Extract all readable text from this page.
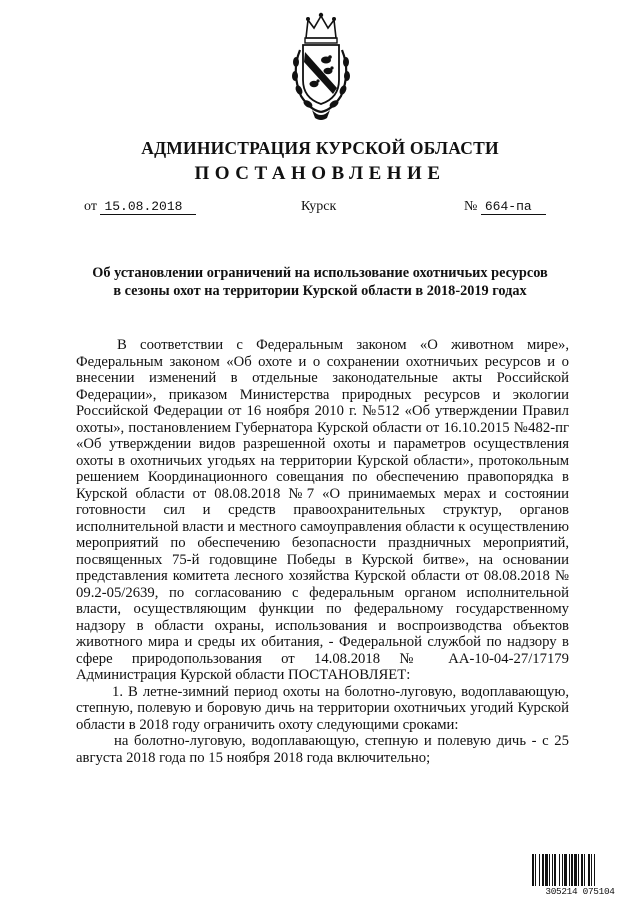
АДМИНИСТРАЦИЯ КУРСКОЙ ОБЛАСТИ
ПОСТАНОВЛЕНИЕ
от 15.08.2018	Курск	№ 664-па
Об установлении ограничений на использование охотничьих ресурсов
в сезоны охот на территории Курской области в 2018-2019 годах

В соответствии с Федеральным законом «О животном мире», Федеральным законом «Об охоте и о сохранении охотничьих ресурсов и о внесении изменений в отдельные законодательные акты Российской Федерации», приказом Министерства природных ресурсов и экологии Российской Федерации от 16 ноября 2010 г. №512 «Об утверждении Правил охоты», постановлением Губернатора Курской области от 16.10.2015 №482-пг «Об утверждении видов разрешенной охоты и параметров осуществления охоты в охотничьих угодьях на территории Курской области», протокольным решением Координационного совещания по обеспечению правопорядка в Курской области от 08.08.2018 №7 «О принимаемых мерах и состоянии готовности сил и средств правоохранительных структур, органов исполнительной власти и местного самоуправления области к осуществлению мероприятий по обеспечению безопасности праздничных мероприятий, посвященных 75-й годовщине Победы в Курской битве», на основании представления комитета лесного хозяйства Курской области от 08.08.2018 № 09.2-05/2639, по согласованию с федеральным органом исполнительной власти, осуществляющим функции по федеральному государственному надзору в области охраны, использования и воспроизводства объектов животного мира и среды их обитания, - Федеральной службой по надзору в сфере природопользования от 14.08.2018 № АА-10-04-27/17179 Администрация Курской области ПОСТАНОВЛЯЕТ:

1. В летне-зимний период охоты на болотно-луговую, водоплавающую, степную, полевую и боровую дичь на территории охотничьих угодий Курской области в 2018 году ограничить охоту следующими сроками:

на болотно-луговую, водоплавающую, степную и полевую дичь - с 25 августа 2018 года по 15 ноября 2018 года включительно;

305214 075104
